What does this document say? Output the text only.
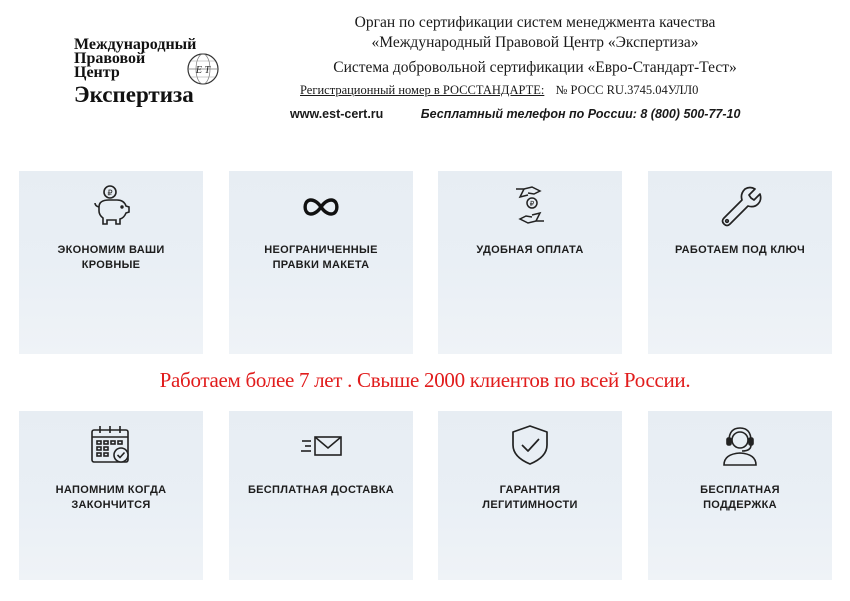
Международный
Правовой
Центр
Экспертиза
E T
Орган по сертификации систем менеджмента качества
«Международный Правовой Центр «Экспертиза»
Система добровольной сертификации «Евро-Стандарт-Тест»
Регистрационный номер в РОССТАНДАРТЕ: № РОСС RU.3745.04УЛЛ0
www.est-cert.ru	Бесплатный телефон по России: 8 (800) 500-77-10
₽
ЭКОНОМИМ ВАШИ
КРОВНЫЕ
НЕОГРАНИЧЕННЫЕ
ПРАВКИ МАКЕТА
₽
УДОБНАЯ ОПЛАТА	РАБОТАЕМ ПОД КЛЮЧ
Работаем более 7 лет . Свыше 2000 клиентов по всей России.
НАПОМНИМ КОГДА
ЗАКОНЧИТСЯ
БЕСПЛАТНАЯ ДОСТАВКА	ГАРАНТИЯ
ЛЕГИТИМНОСТИ
БЕСПЛАТНАЯ
ПОДДЕРЖКА
